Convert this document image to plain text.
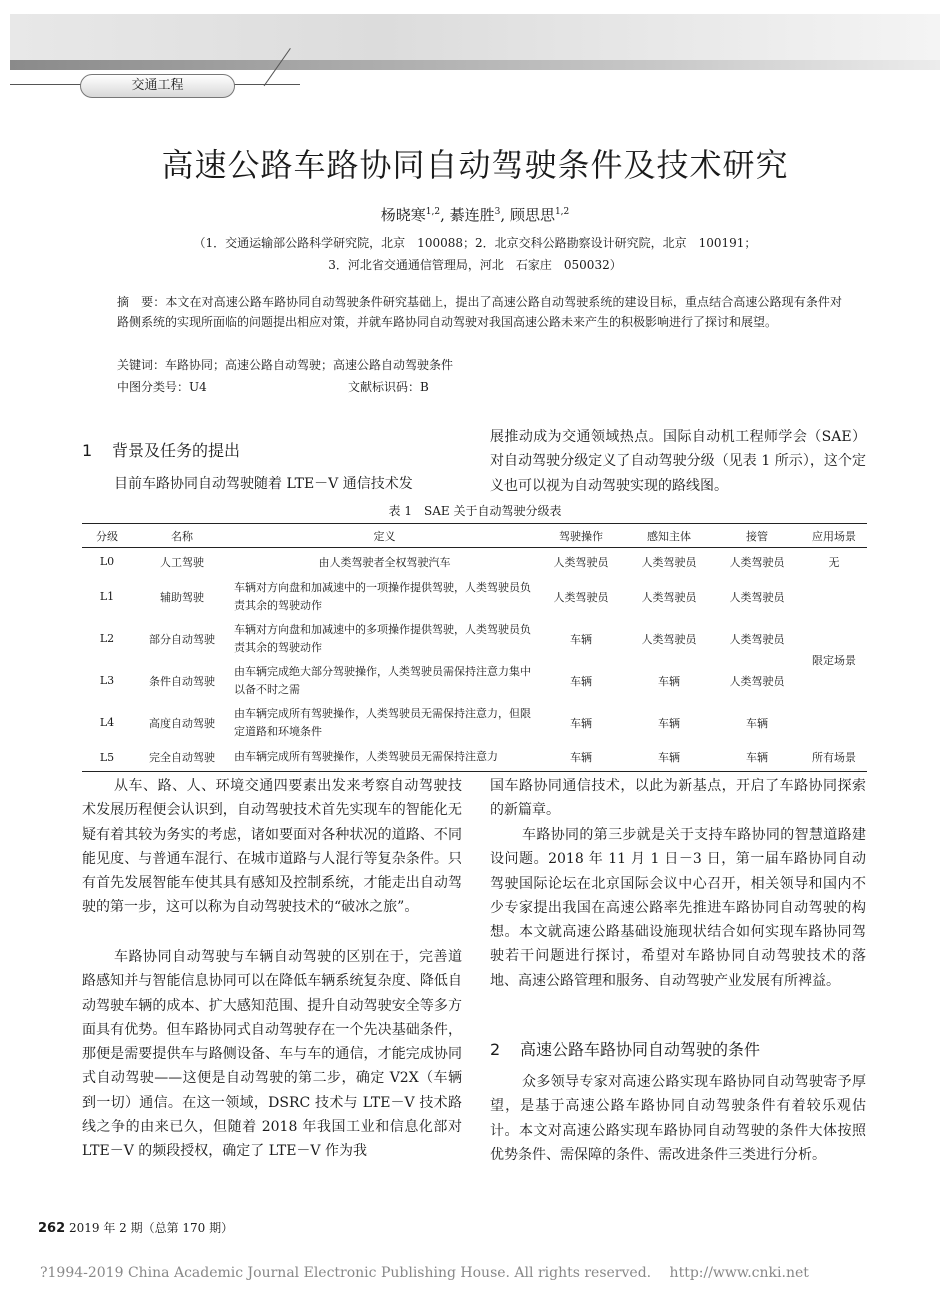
交通工程
高速公路车路协同自动驾驶条件及技术研究
杨晓寒$^{1,2}$, 綦连胜$^3$, 顾思思$^{1,2}$
（1．交通运输部公路科学研究院，北京　100088；2．北京交科公路勘察设计研究院，北京　100191；
3．河北省交通通信管理局，河北　石家庄　050032）

摘　要：本文在对高速公路车路协同自动驾驶条件研究基础上，提出了高速公路自动驾驶系统的建设目标，重点结合高速公路现有条件对路侧系统的实现所面临的问题提出相应对策，并就车路协同自动驾驶对我国高速公路未来产生的积极影响进行了探讨和展望。

关键词：车路协同；高速公路自动驾驶；高速公路自动驾驶条件
中图分类号：U4	文献标识码：B
1 背景及任务的提出

目前车路协同自动驾驶随着 LTE－V 通信技术发

展推动成为交通领域热点。国际自动机工程师学会（SAE）对自动驾驶分级定义了自动驾驶分级（见表 1 所示），这个定义也可以视为自动驾驶实现的路线图。

表 1　SAE 关于自动驾驶分级表
分级	名称	定义	驾驶操作	感知主体	接管	应用场景
L0	人工驾驶	由人类驾驶者全权驾驶汽车	人类驾驶员	人类驾驶员	人类驾驶员	无
L1	辅助驾驶	车辆对方向盘和加减速中的一项操作提供驾驶，人类驾驶员负责其余的驾驶动作	人类驾驶员	人类驾驶员	人类驾驶员	限定场景
L2	部分自动驾驶	车辆对方向盘和加减速中的多项操作提供驾驶，人类驾驶员负责其余的驾驶动作	车辆	人类驾驶员	人类驾驶员	
L3	条件自动驾驶	由车辆完成绝大部分驾驶操作，人类驾驶员需保持注意力集中以备不时之需	车辆	车辆	人类驾驶员	
L4	高度自动驾驶	由车辆完成所有驾驶操作，人类驾驶员无需保持注意力，但限定道路和环境条件	车辆	车辆	车辆	
L5	完全自动驾驶	由车辆完成所有驾驶操作，人类驾驶员无需保持注意力	车辆	车辆	车辆	所有场景

从车、路、人、环境交通四要素出发来考察自动驾驶技术发展历程便会认识到，自动驾驶技术首先实现车的智能化无疑有着其较为务实的考虑，诸如要面对各种状况的道路、不同能见度、与普通车混行、在城市道路与人混行等复杂条件。只有首先发展智能车使其具有感知及控制系统，才能走出自动驾驶的第一步，这可以称为自动驾驶技术的“破冰之旅”。

车路协同自动驾驶与车辆自动驾驶的区别在于，完善道路感知并与智能信息协同可以在降低车辆系统复杂度、降低自动驾驶车辆的成本、扩大感知范围、提升自动驾驶安全等多方面具有优势。但车路协同式自动驾驶存在一个先决基础条件，那便是需要提供车与路侧设备、车与车的通信，才能完成协同式自动驾驶——这便是自动驾驶的第二步，确定 V2X（车辆到一切）通信。在这一领域，DSRC 技术与 LTE－V 技术路线之争的由来已久，但随着 2018 年我国工业和信息化部对 LTE－V 的频段授权，确定了 LTE－V 作为我

国车路协同通信技术，以此为新基点，开启了车路协同探索的新篇章。

车路协同的第三步就是关于支持车路协同的智慧道路建设问题。2018 年 11 月 1 日－3 日，第一届车路协同自动驾驶国际论坛在北京国际会议中心召开，相关领导和国内不少专家提出我国在高速公路率先推进车路协同自动驾驶的构想。本文就高速公路基础设施现状结合如何实现车路协同驾驶若干问题进行探讨，希望对车路协同自动驾驶技术的落地、高速公路管理和服务、自动驾驶产业发展有所裨益。

2 高速公路车路协同自动驾驶的条件

众多领导专家对高速公路实现车路协同自动驾驶寄予厚望，是基于高速公路车路协同自动驾驶条件有着较乐观估计。本文对高速公路实现车路协同自动驾驶的条件大体按照优势条件、需保障的条件、需改进条件三类进行分析。

262 2019 年 2 期（总第 170 期）
?1994-2019 China Academic Journal Electronic Publishing House. All rights reserved.　 http://www.cnki.net
